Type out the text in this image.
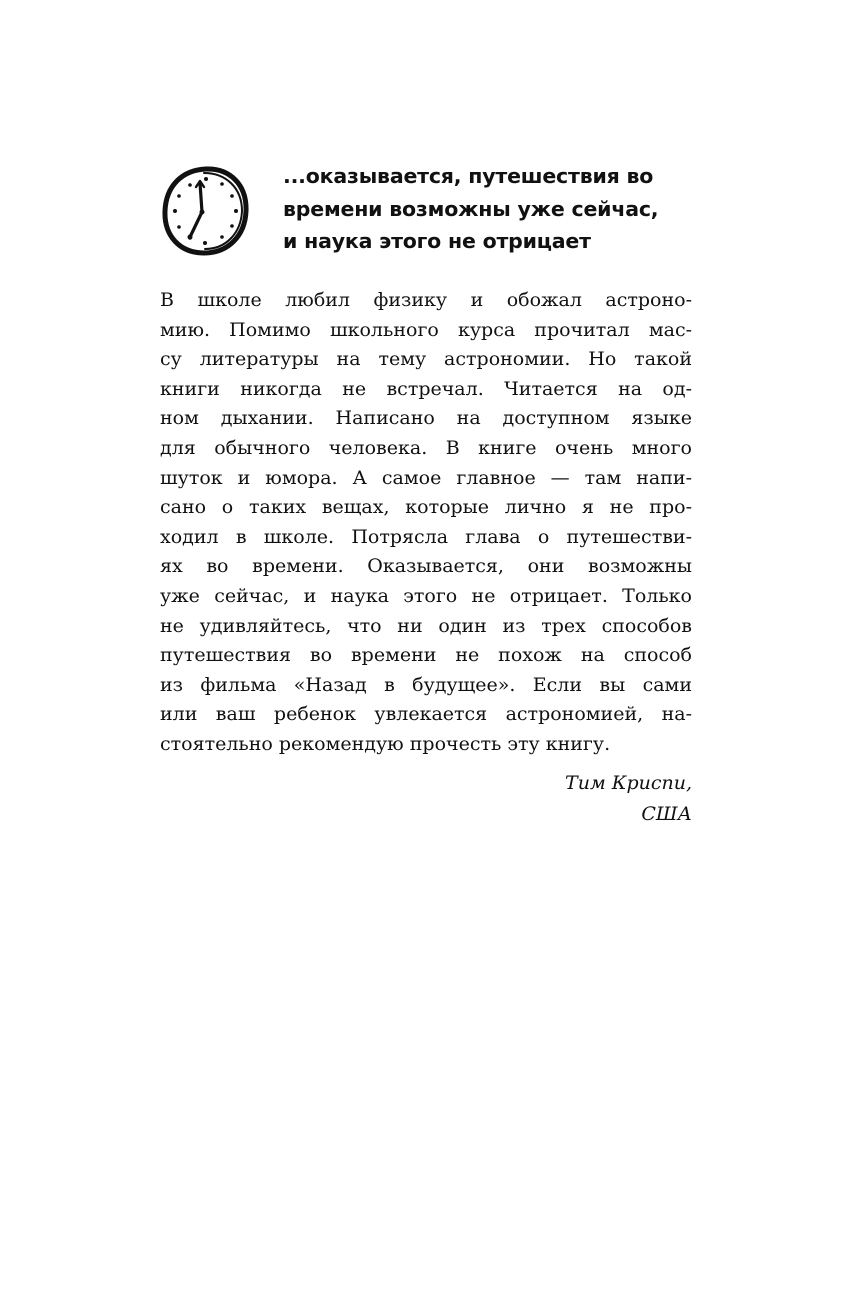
...оказывается, путешествия во
времени возможны уже сейчас,
и наука этого не отрицает
В школе любил физику и обожал астроно-
мию. Помимо школьного курса прочитал мас-
су литературы на тему астрономии. Но такой
книги никогда не встречал. Читается на од-
ном дыхании. Написано на доступном языке
для обычного человека. В книге очень много
шуток и юмора. А самое главное — там напи-
сано о таких вещах, которые лично я не про-
ходил в школе. Потрясла глава о путешестви-
ях во времени. Оказывается, они возможны
уже сейчас, и наука этого не отрицает. Только
не удивляйтесь, что ни один из трех способов
путешествия во времени не похож на способ
из фильма «Назад в будущее». Если вы сами
или ваш ребенок увлекается астрономией, на-
стоятельно рекомендую прочесть эту книгу.
Тим Криспи,
США
